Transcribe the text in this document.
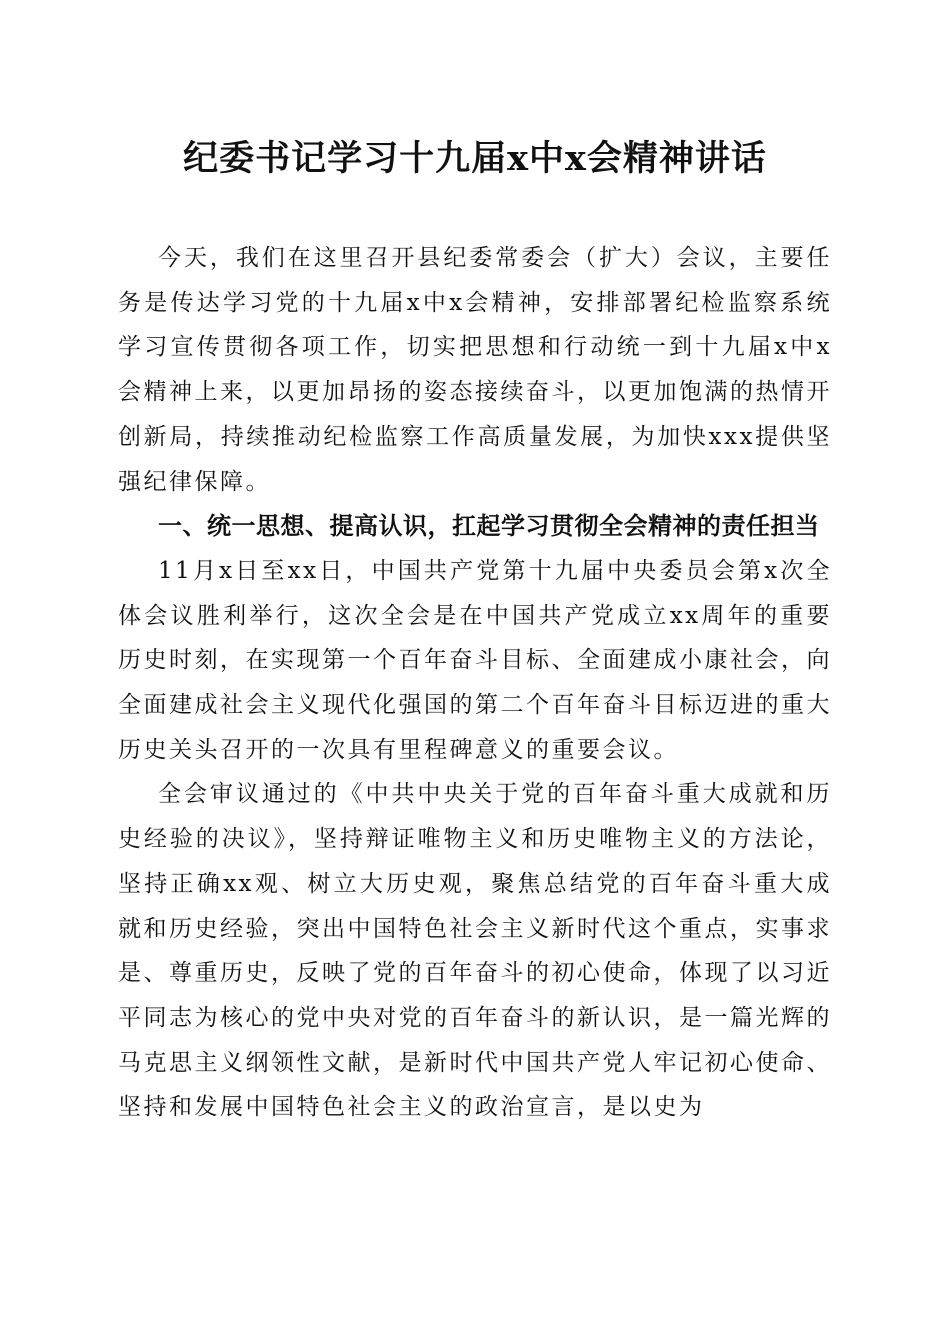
纪委书记学习十九届x中x会精神讲话

今天，我们在这里召开县纪委常委会（扩大）会议，主要任务是传达学习党的十九届x中x会精神，安排部署纪检监察系统学习宣传贯彻各项工作，切实把思想和行动统一到十九届x中x会精神上来，以更加昂扬的姿态接续奋斗，以更加饱满的热情开创新局，持续推动纪检监察工作高质量发展，为加快xxx提供坚强纪律保障。

一、统一思想、提高认识，扛起学习贯彻全会精神的责任担当

11月x日至xx日，中国共产党第十九届中央委员会第x次全体会议胜利举行，这次全会是在中国共产党成立xx周年的重要历史时刻，在实现第一个百年奋斗目标、全面建成小康社会，向全面建成社会主义现代化强国的第二个百年奋斗目标迈进的重大历史关头召开的一次具有里程碑意义的重要会议。

全会审议通过的《中共中央关于党的百年奋斗重大成就和历史经验的决议》，坚持辩证唯物主义和历史唯物主义的方法论，坚持正确xx观、树立大历史观，聚焦总结党的百年奋斗重大成就和历史经验，突出中国特色社会主义新时代这个重点，实事求是、尊重历史，反映了党的百年奋斗的初心使命，体现了以习近平同志为核心的党中央对党的百年奋斗的新认识，是一篇光辉的马克思主义纲领性文献，是新时代中国共产党人牢记初心使命、坚持和发展中国特色社会主义的政治宣言，是以史为
